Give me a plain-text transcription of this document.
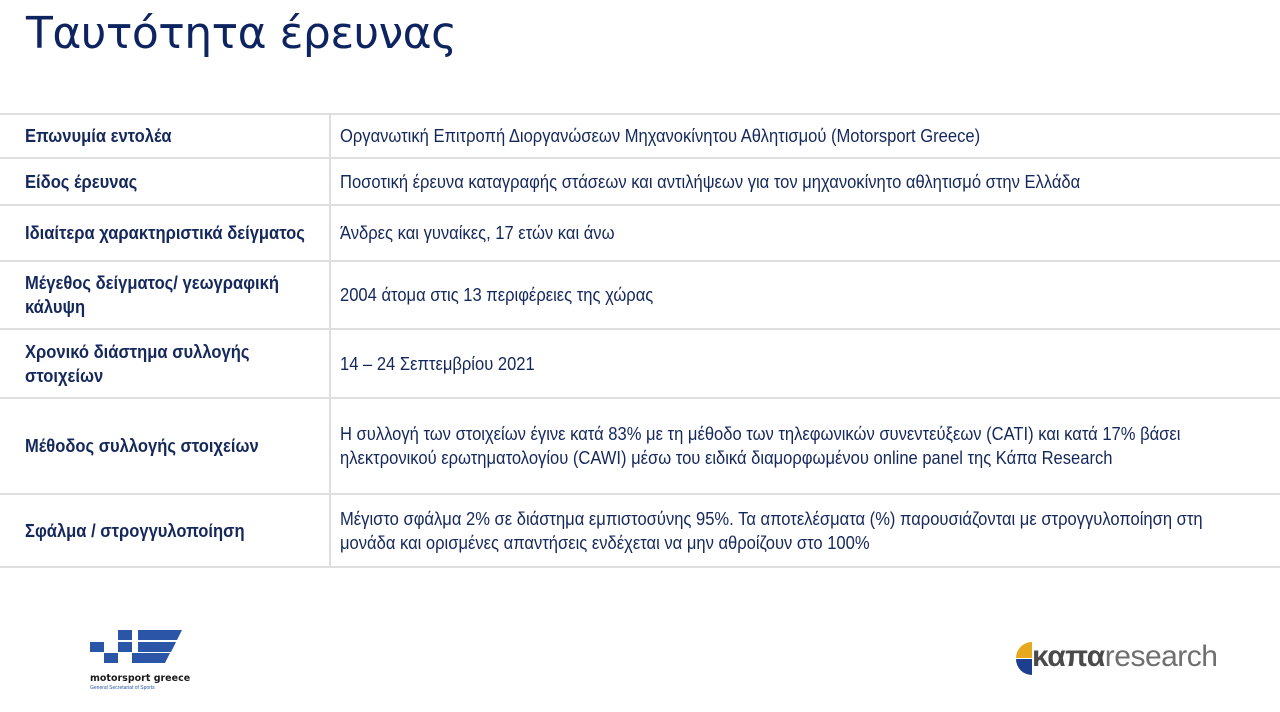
Ταυτότητα έρευνας
Επωνυμία εντολέα	Οργανωτική Επιτροπή Διοργανώσεων Μηχανοκίνητου Αθλητισμού (Motorsport Greece)
Είδος έρευνας	Ποσοτική έρευνα καταγραφής στάσεων και αντιλήψεων για τον μηχανοκίνητο αθλητισμό στην Ελλάδα
Ιδιαίτερα χαρακτηριστικά δείγματος	Άνδρες και γυναίκες, 17 ετών και άνω
Μέγεθος δείγματος/ γεωγραφική κάλυψη	2004 άτομα στις 13 περιφέρειες της χώρας
Χρονικό διάστημα συλλογής στοιχείων	14 – 24 Σεπτεμβρίου 2021
Μέθοδος συλλογής στοιχείων	Η συλλογή των στοιχείων έγινε κατά 83% με τη μέθοδο των τηλεφωνικών συνεντεύξεων (CATI) και κατά 17% βάσει ηλεκτρονικού ερωτηματολογίου (CAWI) μέσω του ειδικά διαμορφωμένου online panel της Κάπα Research
Σφάλμα / στρογγυλοποίηση	Μέγιστο σφάλμα 2% σε διάστημα εμπιστοσύνης 95%. Τα αποτελέσματα (%) παρουσιάζονται με στρογγυλοποίηση στη μονάδα και ορισμένες απαντήσεις ενδέχεται να μην αθροίζουν στο 100%
motorsport greece
General Secretariat of Sports
καπαresearch
